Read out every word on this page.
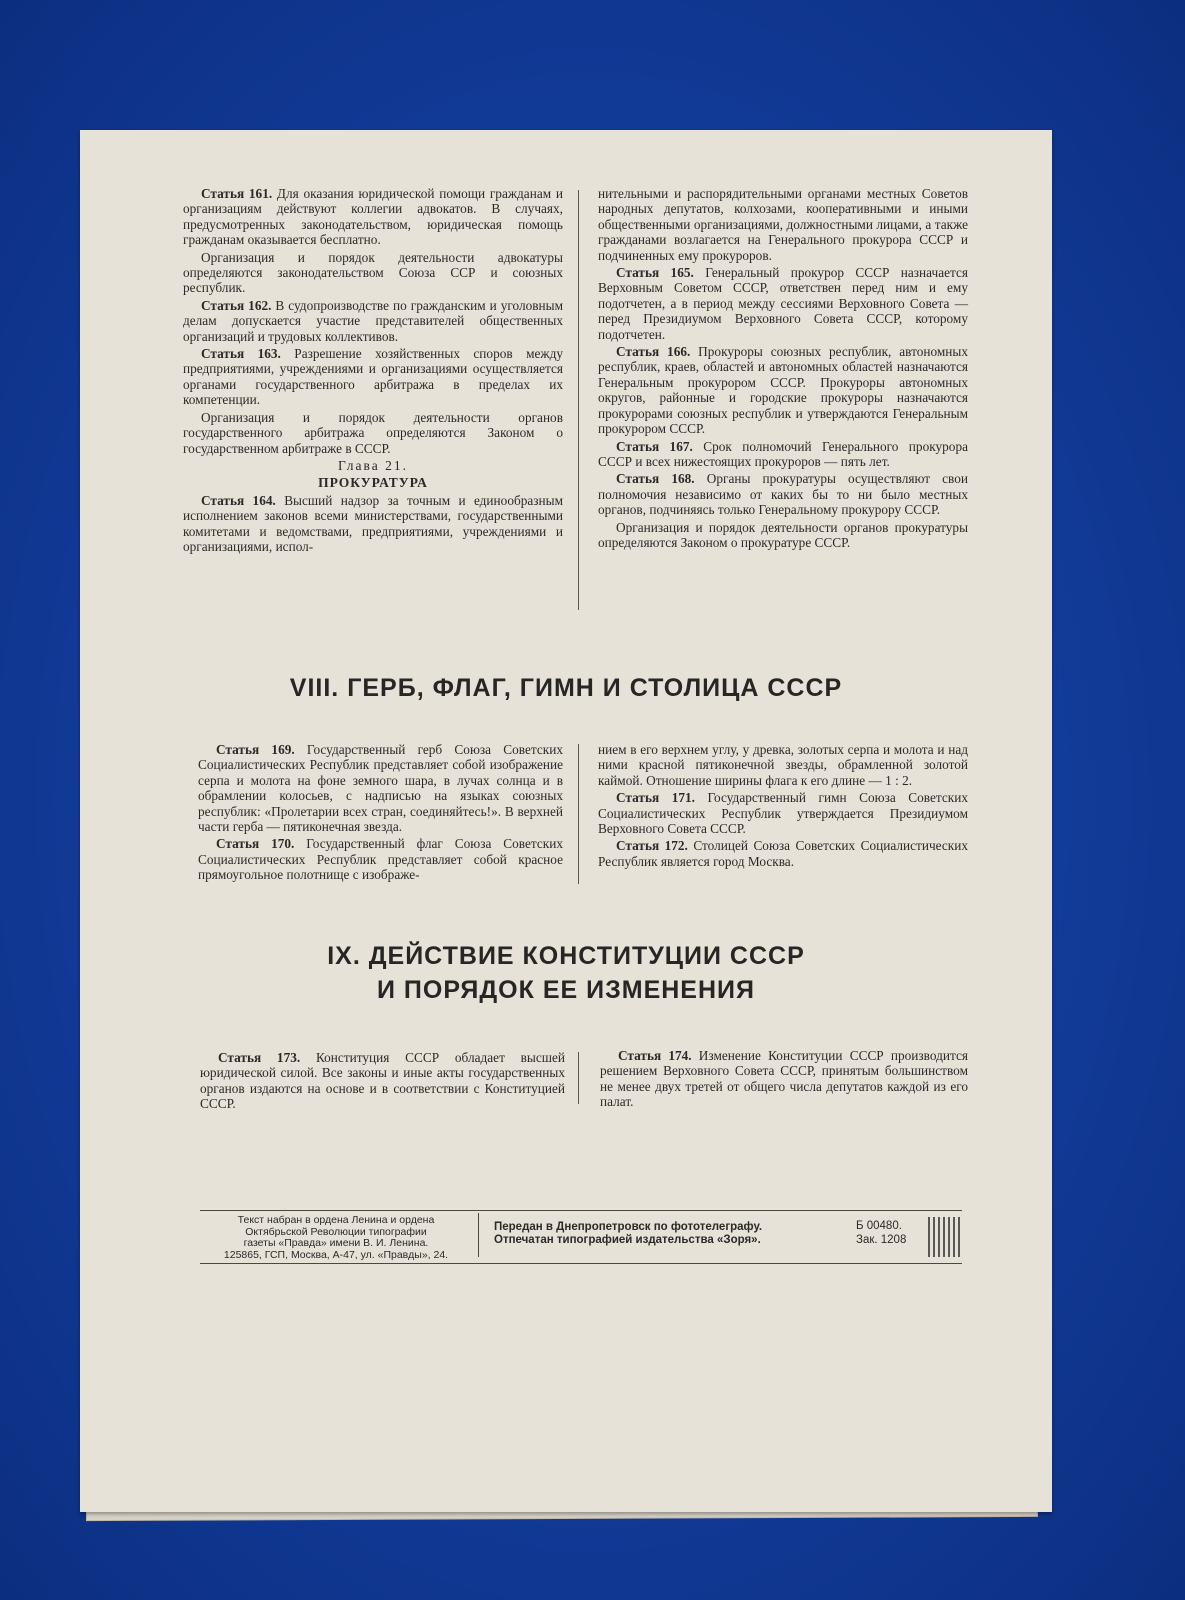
Статья 161. Для оказания юридической помощи гражданам и организациям действуют коллегии адвокатов. В случаях, предусмотренных законодательством, юридическая помощь гражданам оказывается бесплатно.

Организация и порядок деятельности адвокатуры определяются законодательством Союза ССР и союзных республик.

Статья 162. В судопроизводстве по гражданским и уголовным делам допускается участие представителей общественных организаций и трудовых коллективов.

Статья 163. Разрешение хозяйственных споров между предприятиями, учреждениями и организациями осуществляется органами государственного арбитража в пределах их компетенции.

Организация и порядок деятельности органов государственного арбитража определяются Законом о государственном арбитраже в СССР.

Глава 21.

ПРОКУРАТУРА

Статья 164. Высший надзор за точным и единообразным исполнением законов всеми министерствами, государственными комитетами и ведомствами, предприятиями, учреждениями и организациями, испол-

нительными и распорядительными органами местных Советов народных депутатов, колхозами, кооперативными и иными общественными организациями, должностными лицами, а также гражданами возлагается на Генерального прокурора СССР и подчиненных ему прокуроров.

Статья 165. Генеральный прокурор СССР назначается Верховным Советом СССР, ответствен перед ним и ему подотчетен, а в период между сессиями Верховного Совета — перед Президиумом Верховного Совета СССР, которому подотчетен.

Статья 166. Прокуроры союзных республик, автономных республик, краев, областей и автономных областей назначаются Генеральным прокурором СССР. Прокуроры автономных округов, районные и городские прокуроры назначаются прокурорами союзных республик и утверждаются Генеральным прокурором СССР.

Статья 167. Срок полномочий Генерального прокурора СССР и всех нижестоящих прокуроров — пять лет.

Статья 168. Органы прокуратуры осуществляют свои полномочия независимо от каких бы то ни было местных органов, подчиняясь только Генеральному прокурору СССР.

Организация и порядок деятельности органов прокуратуры определяются Законом о прокуратуре СССР.

VIII. ГЕРБ, ФЛАГ, ГИМН И СТОЛИЦА СССР

Статья 169. Государственный герб Союза Советских Социалистических Республик представляет собой изображение серпа и молота на фоне земного шара, в лучах солнца и в обрамлении колосьев, с надписью на языках союзных республик: «Пролетарии всех стран, соединяйтесь!». В верхней части герба — пятиконечная звезда.

Статья 170. Государственный флаг Союза Советских Социалистических Республик представляет собой красное прямоугольное полотнище с изображе-

нием в его верхнем углу, у древка, золотых серпа и молота и над ними красной пятиконечной звезды, обрамленной золотой каймой. Отношение ширины флага к его длине — 1 : 2.

Статья 171. Государственный гимн Союза Советских Социалистических Республик утверждается Президиумом Верховного Совета СССР.

Статья 172. Столицей Союза Советских Социалистических Республик является город Москва.

IX. ДЕЙСТВИЕ КОНСТИТУЦИИ СССР
И ПОРЯДОК ЕЕ ИЗМЕНЕНИЯ

Статья 173. Конституция СССР обладает высшей юридической силой. Все законы и иные акты государственных органов издаются на основе и в соответствии с Конституцией СССР.

Статья 174. Изменение Конституции СССР производится решением Верховного Совета СССР, принятым большинством не менее двух третей от общего числа депутатов каждой из его палат.

Текст набран в ордена Ленина и ордена
Октябрьской Революции типографии
газеты «Правда» имени В. И. Ленина.
125865, ГСП, Москва, А-47, ул. «Правды», 24.
Передан в Днепропетровск по фототелеграфу.
Отпечатан типографией издательства «Зоря».
Б 00480.
Зак. 1208
